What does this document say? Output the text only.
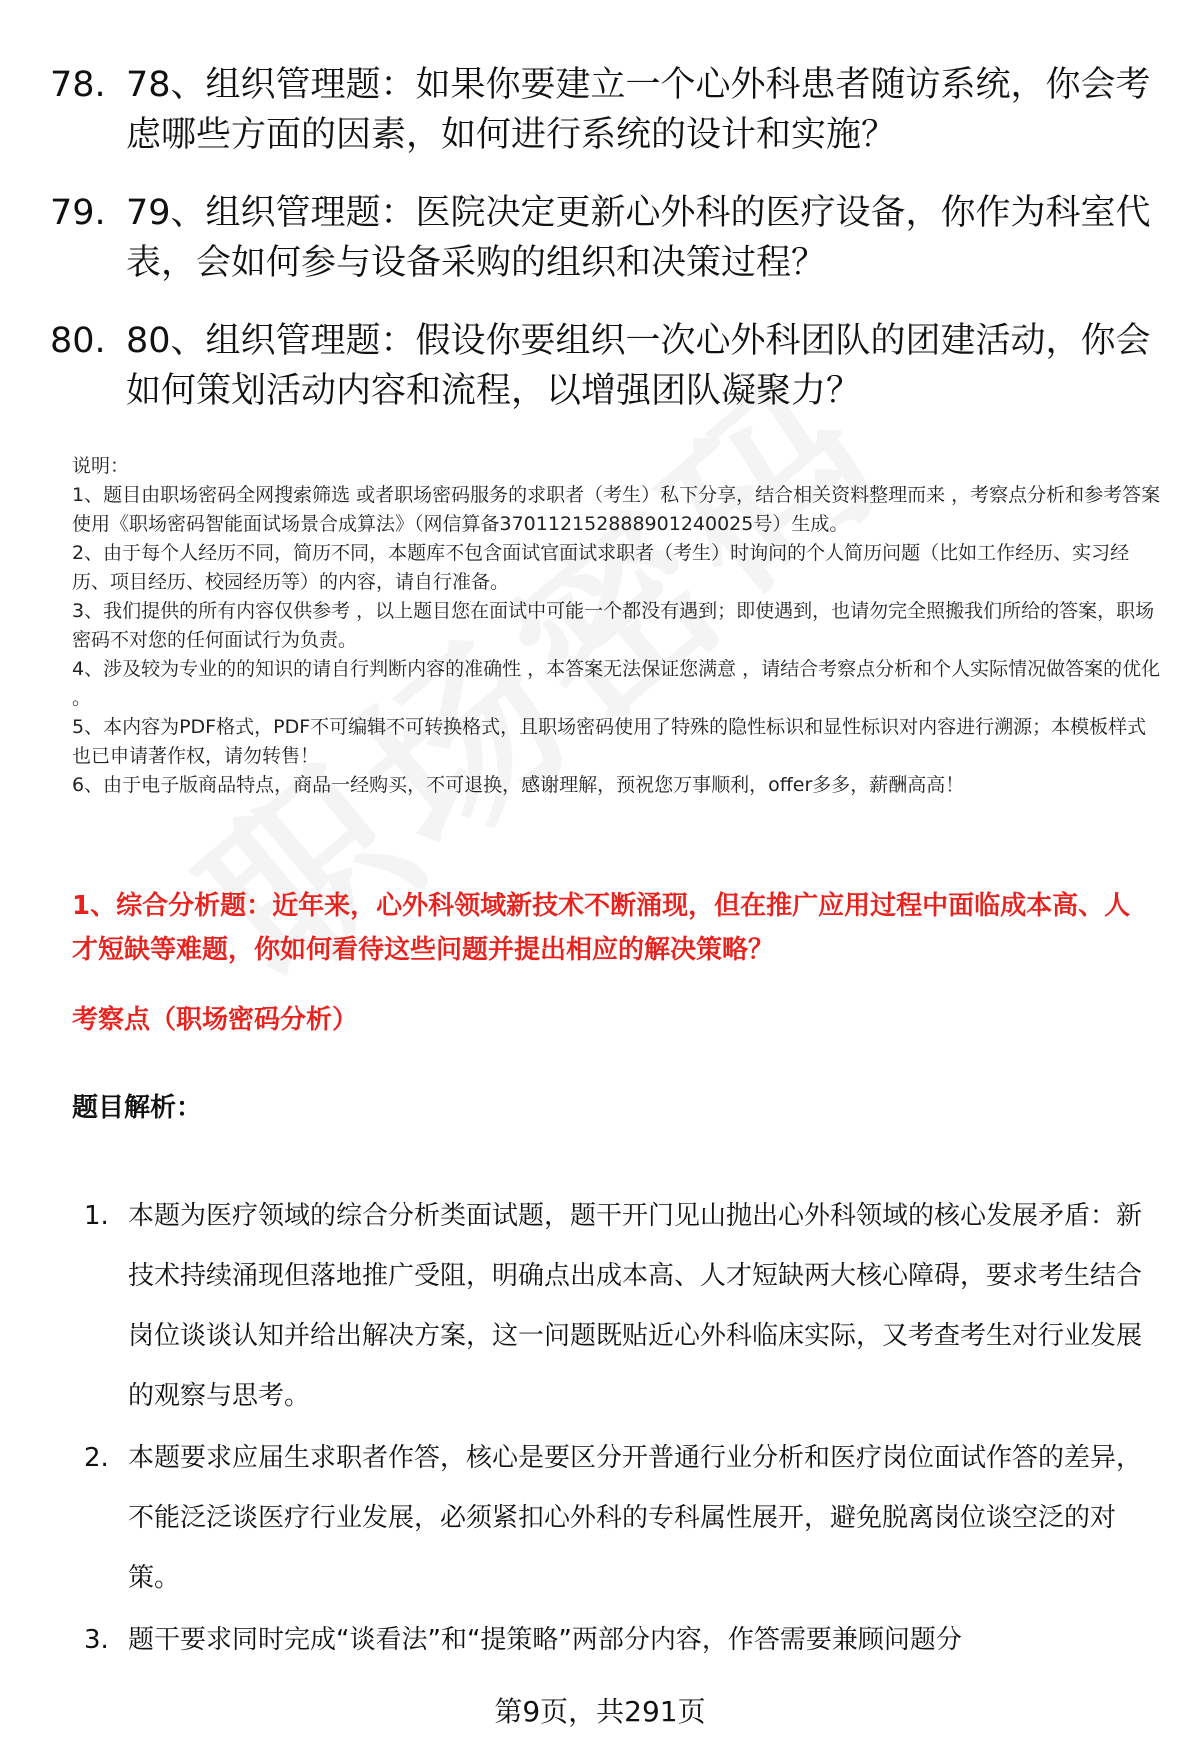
78. 78、组织管理题：如果你要建立一个心外科患者随访系统，你会考虑哪些方面的因素，如何进行系统的设计和实施？
79. 79、组织管理题：医院决定更新心外科的医疗设备，你作为科室代表，会如何参与设备采购的组织和决策过程？
80. 80、组织管理题：假设你要组织一次心外科团队的团建活动，你会如何策划活动内容和流程，以增强团队凝聚力？

说明：

1、题目由职场密码全网搜索筛选 或者职场密码服务的求职者（考生）私下分享，结合相关资料整理而来 ，考察点分析和参考答案使用《职场密码智能面试场景合成算法》（网信算备370112152888901240025号）生成。

2、由于每个人经历不同，简历不同，本题库不包含面试官面试求职者（考生）时询问的个人简历问题（比如工作经历、实习经历、项目经历、校园经历等）的内容，请自行准备。

3、我们提供的所有内容仅供参考 ，以上题目您在面试中可能一个都没有遇到；即使遇到，也请勿完全照搬我们所给的答案，职场密码不对您的任何面试行为负责。

4、涉及较为专业的的知识的请自行判断内容的准确性 ，本答案无法保证您满意 ，请结合考察点分析和个人实际情况做答案的优化 。

5、本内容为PDF格式，PDF不可编辑不可转换格式，且职场密码使用了特殊的隐性标识和显性标识对内容进行溯源；本模板样式也已申请著作权，请勿转售！

6、由于电子版商品特点，商品一经购买，不可退换，感谢理解，预祝您万事顺利，offer多多，薪酬高高！

1、综合分析题：近年来，心外科领域新技术不断涌现，但在推广应用过程中面临成本高、人才短缺等难题，你如何看待这些问题并提出相应的解决策略？
考察点（职场密码分析）
题目解析：
1. 本题为医疗领域的综合分析类面试题，题干开门见山抛出心外科领域的核心发展矛盾：新技术持续涌现但落地推广受阻，明确点出成本高、人才短缺两大核心障碍，要求考生结合岗位谈谈认知并给出解决方案，这一问题既贴近心外科临床实际，又考查考生对行业发展的观察与思考。
2. 本题要求应届生求职者作答，核心是要区分开普通行业分析和医疗岗位面试作答的差异，不能泛泛谈医疗行业发展，必须紧扣心外科的专科属性展开，避免脱离岗位谈空泛的对策。
3. 题干要求同时完成“谈看法”和“提策略”两部分内容，作答需要兼顾问题分
第9页，共291页
